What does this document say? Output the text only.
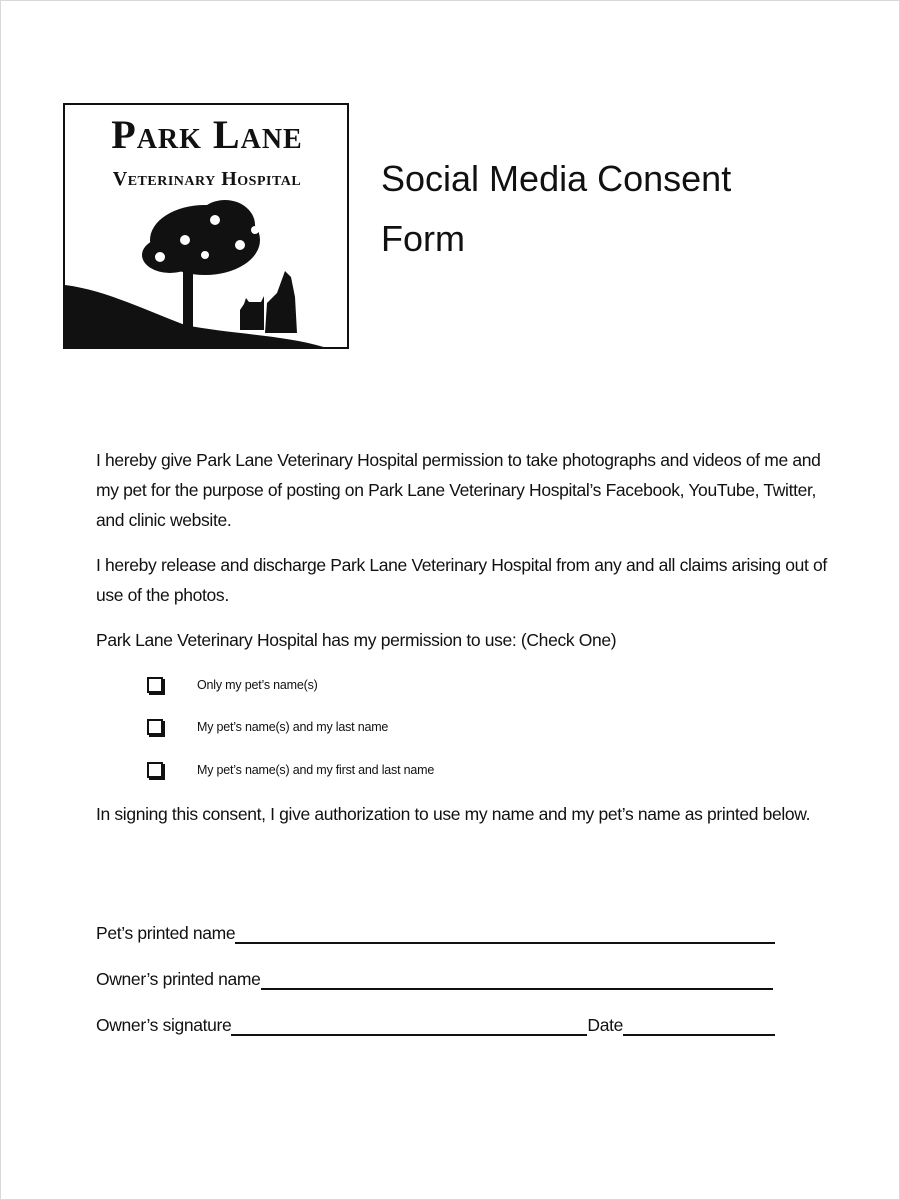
Park Lane
Veterinary Hospital	Social Media Consent
Form

I hereby give Park Lane Veterinary Hospital permission to take photographs and videos of me and my pet for the purpose of posting on Park Lane Veterinary Hospital’s Facebook, YouTube, Twitter, and clinic website.

I hereby release and discharge Park Lane Veterinary Hospital from any and all claims arising out of use of the photos.

Park Lane Veterinary Hospital has my permission to use: (Check One)

Only my pet’s name(s)
My pet’s name(s) and my last name
My pet’s name(s) and my first and last name

In signing this consent, I give authorization to use my name and my pet’s name as printed below.

Pet’s printed name
Owner’s printed name
Owner’s signature	Date
